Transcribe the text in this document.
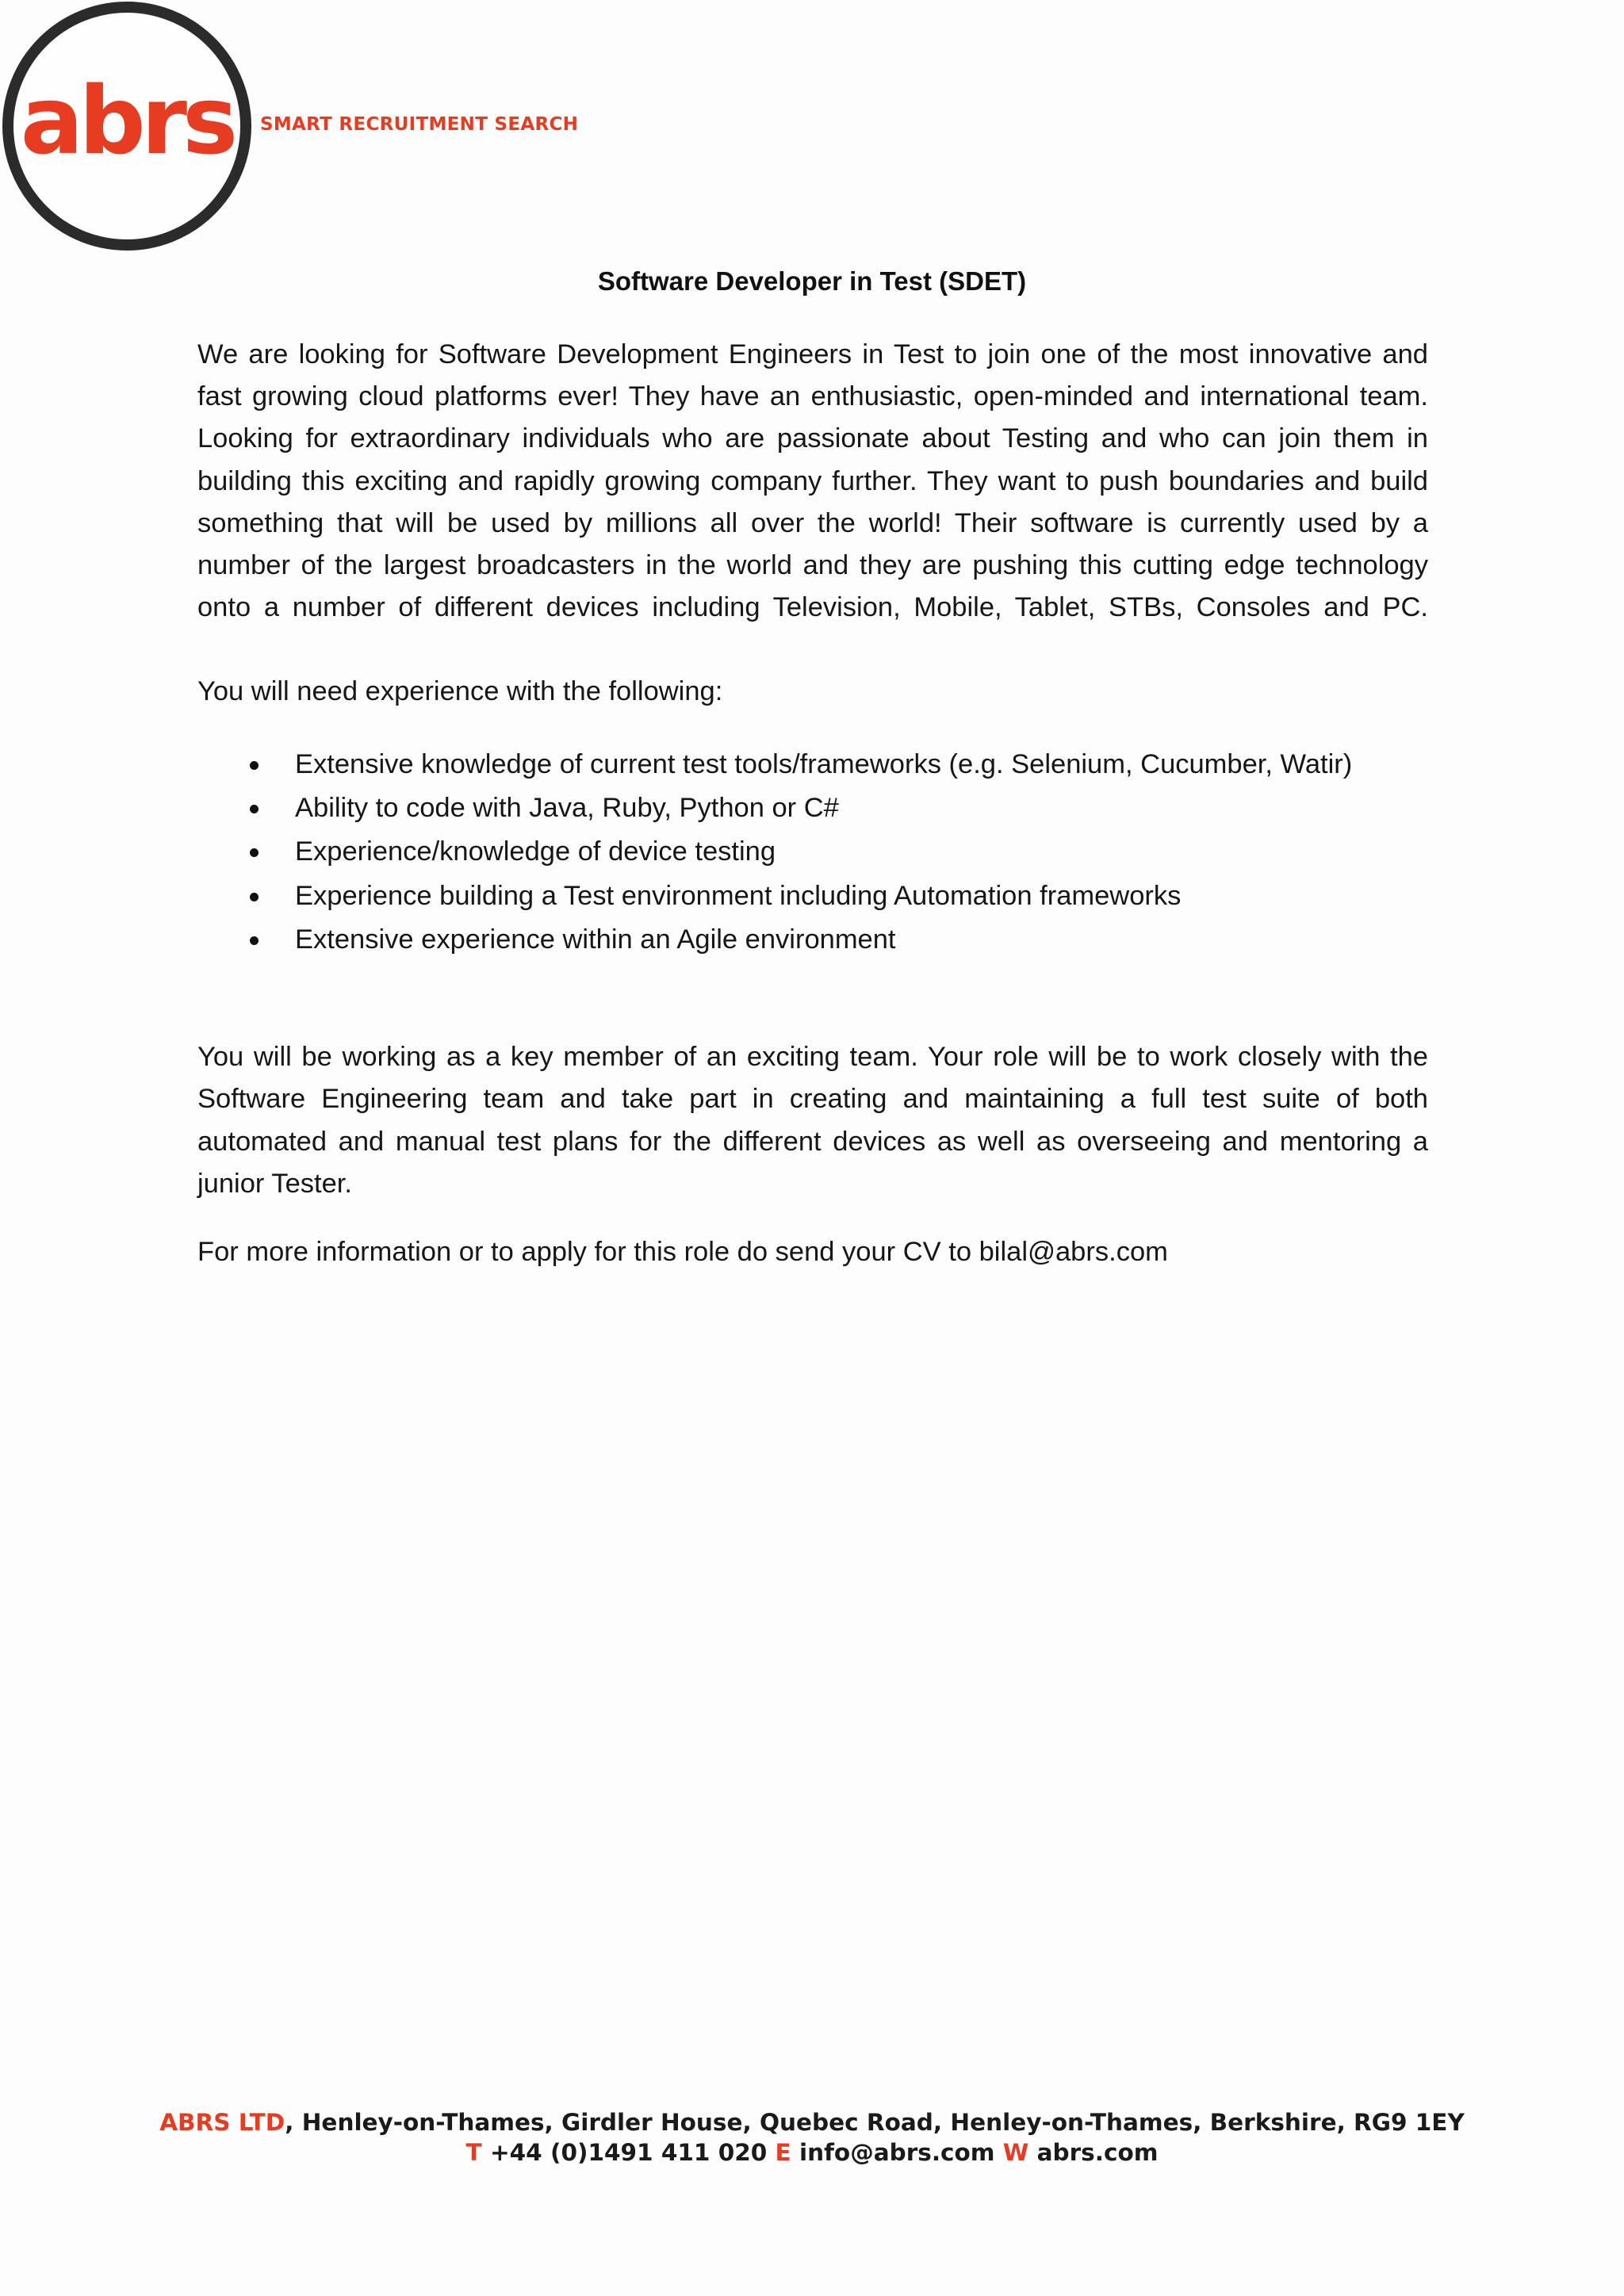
abrs SMART RECRUITMENT SEARCH
Software Developer in Test (SDET)

We are looking for Software Development Engineers in Test to join one of the most innovative and

fast growing cloud platforms ever! They have an enthusiastic, open-minded and international team.

Looking for extraordinary individuals who are passionate about Testing and who can join them in

building this exciting and rapidly growing company further. They want to push boundaries and build

something that will be used by millions all over the world! Their software is currently used by a

number of the largest broadcasters in the world and they are pushing this cutting edge technology

onto a number of different devices including Television, Mobile, Tablet, STBs, Consoles and PC.

You will need experience with the following:

Extensive knowledge of current test tools/frameworks (e.g. Selenium, Cucumber, Watir)
Ability to code with Java, Ruby, Python or C#
Experience/knowledge of device testing
Experience building a Test environment including Automation frameworks
Extensive experience within an Agile environment

You will be working as a key member of an exciting team. Your role will be to work closely with the

Software Engineering team and take part in creating and maintaining a full test suite of both

automated and manual test plans for the different devices as well as overseeing and mentoring a

junior Tester.

For more information or to apply for this role do send your CV to bilal@abrs.com

ABRS LTD, Henley-on-Thames, Girdler House, Quebec Road, Henley-on-Thames, Berkshire, RG9 1EY
T +44 (0)1491 411 020 E info@abrs.com W abrs.com
